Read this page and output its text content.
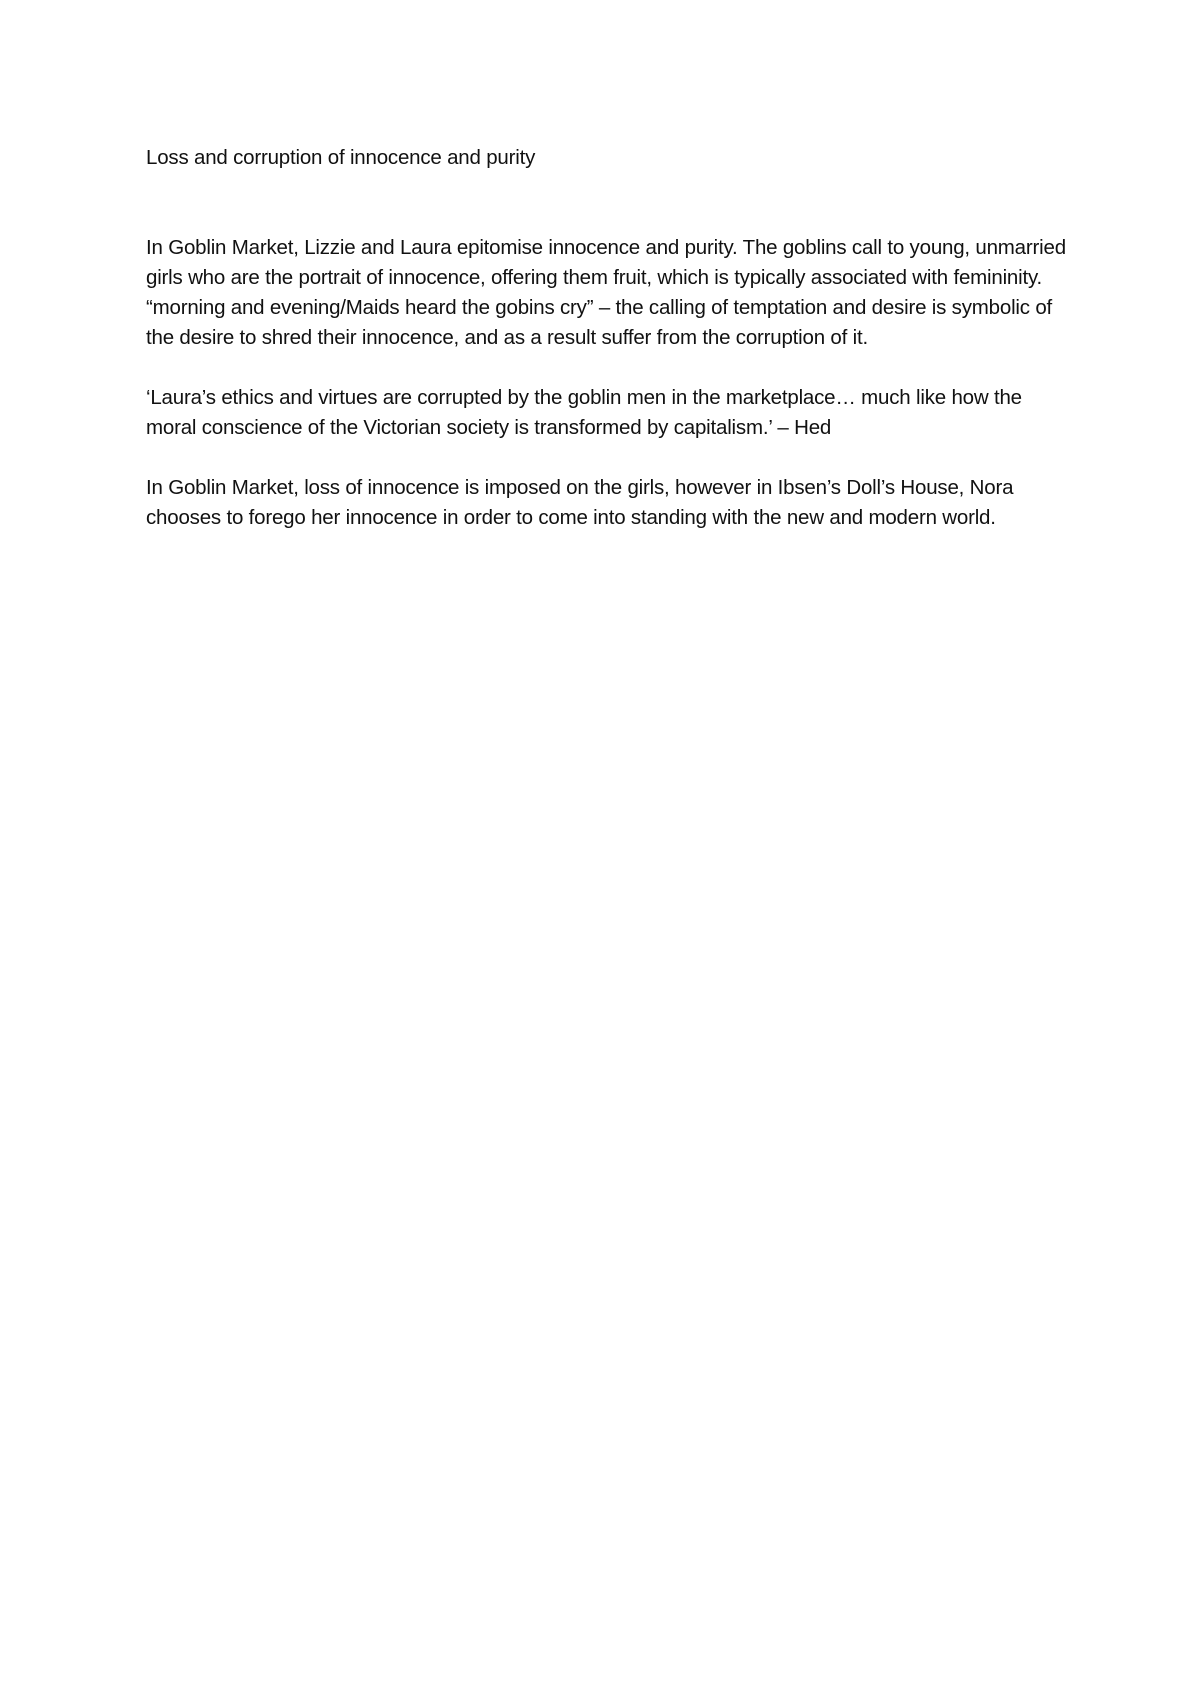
Loss and corruption of innocence and purity

In Goblin Market, Lizzie and Laura epitomise innocence and purity. The goblins call to young, unmarried girls who are the portrait of innocence, offering them fruit, which is typically associated with femininity.

“morning and evening/Maids heard the gobins cry” – the calling of temptation and desire is symbolic of the desire to shred their innocence, and as a result suffer from the corruption of it.

‘Laura’s ethics and virtues are corrupted by the goblin men in the marketplace… much like how the moral conscience of the Victorian society is transformed by capitalism.’ – Hed

In Goblin Market, loss of innocence is imposed on the girls, however in Ibsen’s Doll’s House, Nora chooses to forego her innocence in order to come into standing with the new and modern world.
